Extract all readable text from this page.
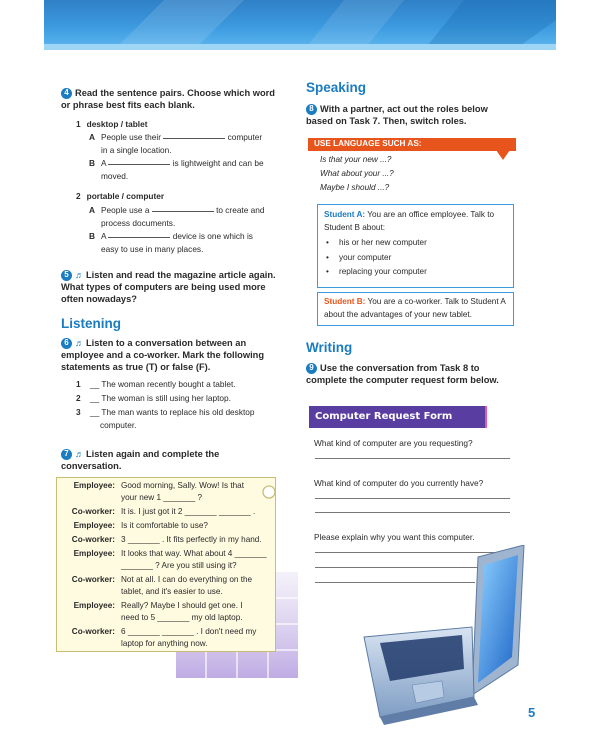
4 Read the sentence pairs. Choose which word or phrase best fits each blank.
1 desktop / tablet
A People use their	computer
in a single location.
B A	is lightweight and can be
moved.
2 portable / computer
A People use a	to create and
process documents.
B A	device is one which is
easy to use in many places.
5 ♬ Listen and read the magazine article again. What types of computers are being used more often nowadays?
Listening
6 ♬ Listen to a conversation between an employee and a co-worker. Mark the following statements as true (T) or false (F).
1 __ The woman recently bought a tablet.
2 __ The woman is still using her laptop.
3 __ The man wants to replace his old desktop
computer.
7 ♬ Listen again and complete the conversation.
Employee: Good morning, Sally. Wow! Is that
your new 1 _______ ?
Co-worker: It is. I just got it 2 _______ _______ .
Employee: Is it comfortable to use?
Co-worker: 3 _______ . It fits perfectly in my hand.
Employee: It looks that way. What about 4 _______
_______ ? Are you still using it?
Co-worker: Not at all. I can do everything on the
tablet, and it's easier to use.
Employee: Really? Maybe I should get one. I
need to 5 _______ my old laptop.
Co-worker: 6 _______ _______ . I don't need my
laptop for anything now.
Speaking
8 With a partner, act out the roles below based on Task 7. Then, switch roles.
USE LANGUAGE SUCH AS:
Is that your new ...?
What about your ...?
Maybe I should ...?
Student A: You are an office employee. Talk to
Student B about:
• his or her new computer
• your computer
• replacing your computer
Student B: You are a co-worker. Talk to Student A
about the advantages of your new tablet.
Writing
9 Use the conversation from Task 8 to complete the computer request form below.
Computer Request Form
What kind of computer are you requesting?
What kind of computer do you currently have?
Please explain why you want this computer.
5
